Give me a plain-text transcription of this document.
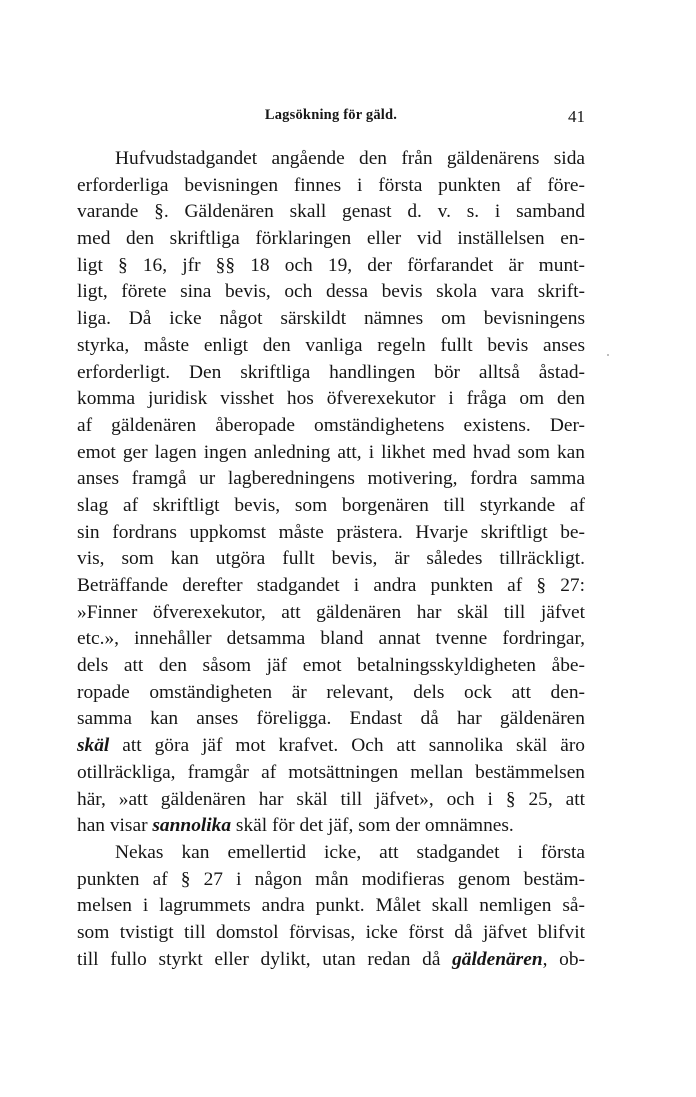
Lagsökning för gäld.	41
Hufvudstadgandet angående den från gäldenärens sida
erforderliga bevisningen finnes i första punkten af före-
varande §. Gäldenären skall genast d. v. s. i samband
med den skriftliga förklaringen eller vid inställelsen en-
ligt § 16, jfr §§ 18 och 19, der förfarandet är munt-
ligt, förete sina bevis, och dessa bevis skola vara skrift-
liga. Då icke något särskildt nämnes om bevisningens
styrka, måste enligt den vanliga regeln fullt bevis anses
erforderligt. Den skriftliga handlingen bör alltså åstad-
komma juridisk visshet hos öfverexekutor i fråga om den
af gäldenären åberopade omständighetens existens. Der-
emot ger lagen ingen anledning att, i likhet med hvad som kan
anses framgå ur lagberedningens motivering, fordra samma
slag af skriftligt bevis, som borgenären till styrkande af
sin fordrans uppkomst måste prästera. Hvarje skriftligt be-
vis, som kan utgöra fullt bevis, är således tillräckligt.
Beträffande derefter stadgandet i andra punkten af § 27:
»Finner öfverexekutor, att gäldenären har skäl till jäfvet
etc.», innehåller detsamma bland annat tvenne fordringar,
dels att den såsom jäf emot betalningsskyldigheten åbe-
ropade omständigheten är relevant, dels ock att den-
samma kan anses föreligga. Endast då har gäldenären
skäl att göra jäf mot krafvet. Och att sannolika skäl äro
otillräckliga, framgår af motsättningen mellan bestämmelsen
här, »att gäldenären har skäl till jäfvet», och i § 25, att
han visar sannolika skäl för det jäf, som der omnämnes.
Nekas kan emellertid icke, att stadgandet i första
punkten af § 27 i någon mån modifieras genom bestäm-
melsen i lagrummets andra punkt. Målet skall nemligen så-
som tvistigt till domstol förvisas, icke först då jäfvet blifvit
till fullo styrkt eller dylikt, utan redan då gäldenären, ob-
